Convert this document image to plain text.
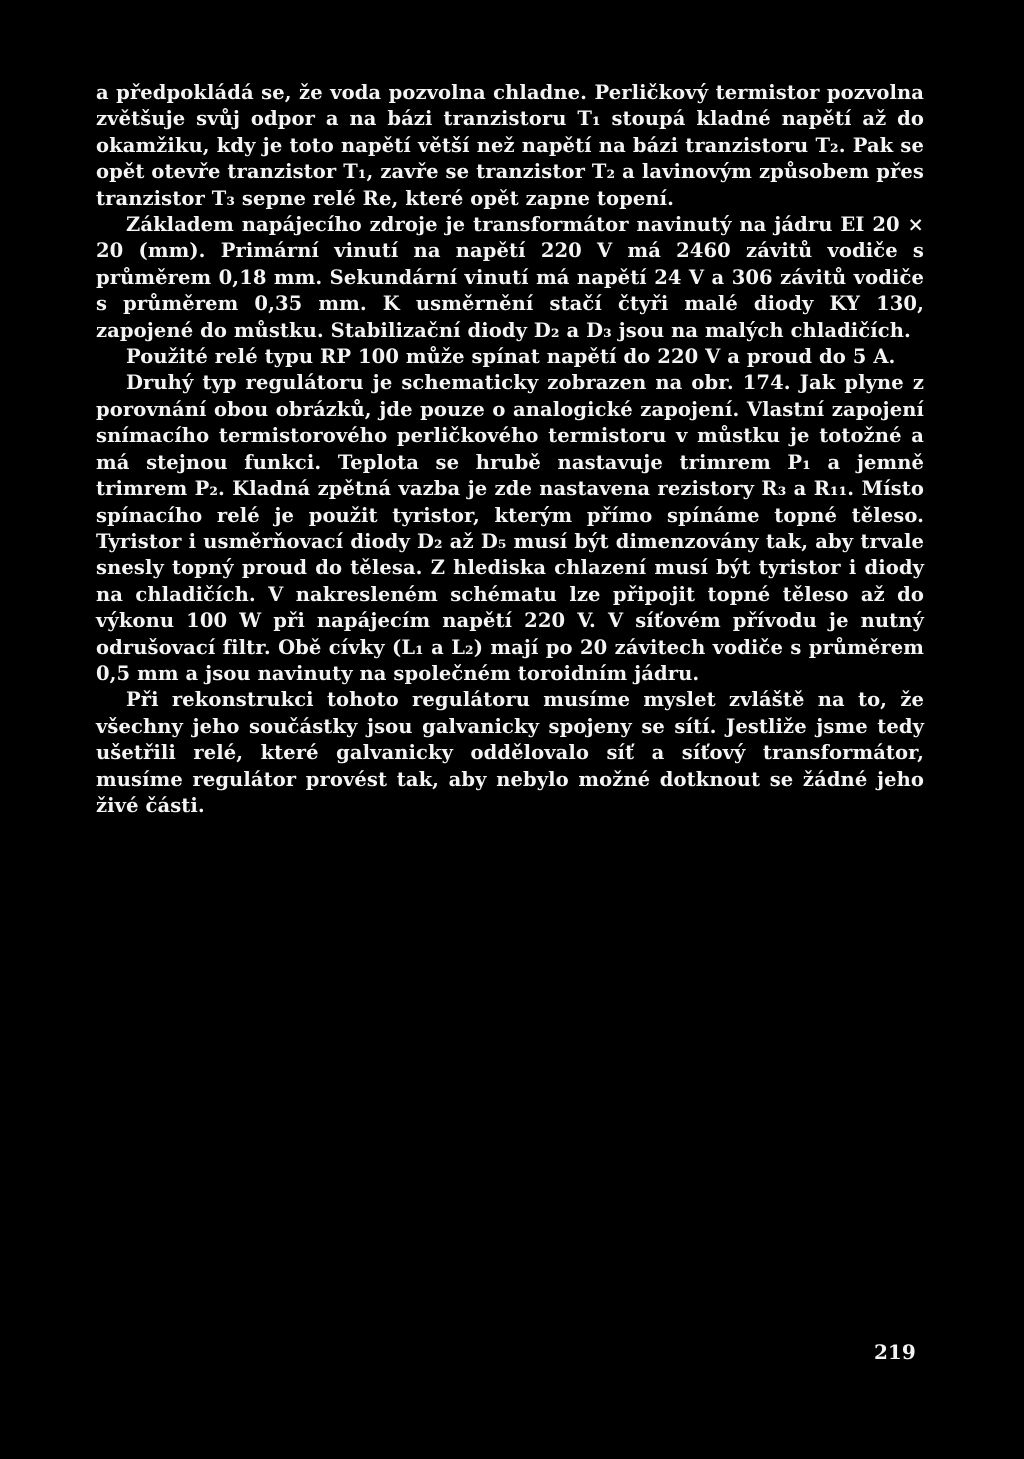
a předpokládá se, že voda pozvolna chladne. Perličkový termistor pozvolna zvětšuje svůj odpor a na bázi tranzistoru T₁ stoupá kladné napětí až do okamžiku, kdy je toto napětí větší než napětí na bázi tranzistoru T₂. Pak se opět otevře tranzistor T₁, zavře se tranzistor T₂ a lavinovým způsobem přes tranzistor T₃ sepne relé Re, které opět zapne topení.

Základem napájecího zdroje je transformátor navinutý na jádru EI 20 × 20 (mm). Primární vinutí na napětí 220 V má 2460 závitů vodiče s průměrem 0,18 mm. Sekundární vinutí má napětí 24 V a 306 závitů vodiče s průměrem 0,35 mm. K usměrnění stačí čtyři malé diody KY 130, zapojené do můstku. Stabilizační diody D₂ a D₃ jsou na malých chladičích.

Použité relé typu RP 100 může spínat napětí do 220 V a proud do 5 A.

Druhý typ regulátoru je schematicky zobrazen na obr. 174. Jak plyne z porovnání obou obrázků, jde pouze o analogické zapojení. Vlastní zapojení snímacího termistorového perličkového termistoru v můstku je totožné a má stejnou funkci. Teplota se hrubě nastavuje trimrem P₁ a jemně trimrem P₂. Kladná zpětná vazba je zde nastavena rezistory R₃ a R₁₁. Místo spínacího relé je použit tyristor, kterým přímo spínáme topné těleso. Tyristor i usměrňovací diody D₂ až D₅ musí být dimenzovány tak, aby trvale snesly topný proud do tělesa. Z hlediska chlazení musí být tyristor i diody na chladičích. V nakresleném schématu lze připojit topné těleso až do výkonu 100 W při napájecím napětí 220 V. V síťovém přívodu je nutný odrušovací filtr. Obě cívky (L₁ a L₂) mají po 20 závitech vodiče s průměrem 0,5 mm a jsou navinuty na společném toroidním jádru.

Při rekonstrukci tohoto regulátoru musíme myslet zvláště na to, že všechny jeho součástky jsou galvanicky spojeny se sítí. Jestliže jsme tedy ušetřili relé, které galvanicky oddělovalo síť a síťový transformátor, musíme regulátor provést tak, aby nebylo možné dotknout se žádné jeho živé části.

219
